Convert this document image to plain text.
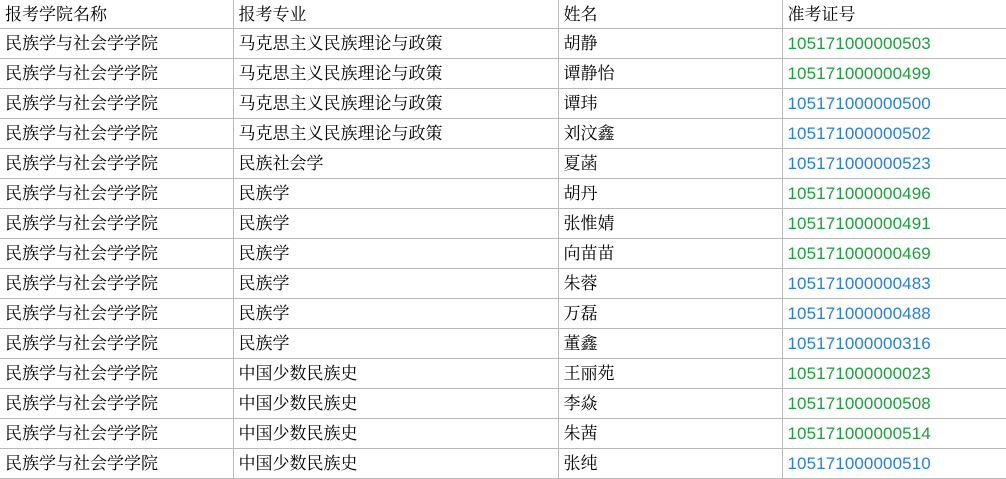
报考学院名称	报考专业	姓名	准考证号
民族学与社会学学院	马克思主义民族理论与政策	胡静	105171000000503
民族学与社会学学院	马克思主义民族理论与政策	谭静怡	105171000000499
民族学与社会学学院	马克思主义民族理论与政策	谭玮	105171000000500
民族学与社会学学院	马克思主义民族理论与政策	刘汶鑫	105171000000502
民族学与社会学学院	民族社会学	夏菡	105171000000523
民族学与社会学学院	民族学	胡丹	105171000000496
民族学与社会学学院	民族学	张惟婧	105171000000491
民族学与社会学学院	民族学	向苗苗	105171000000469
民族学与社会学学院	民族学	朱蓉	105171000000483
民族学与社会学学院	民族学	万磊	105171000000488
民族学与社会学学院	民族学	董鑫	105171000000316
民族学与社会学学院	中国少数民族史	王丽苑	105171000000023
民族学与社会学学院	中国少数民族史	李焱	105171000000508
民族学与社会学学院	中国少数民族史	朱茜	105171000000514
民族学与社会学学院	中国少数民族史	张纯	105171000000510
